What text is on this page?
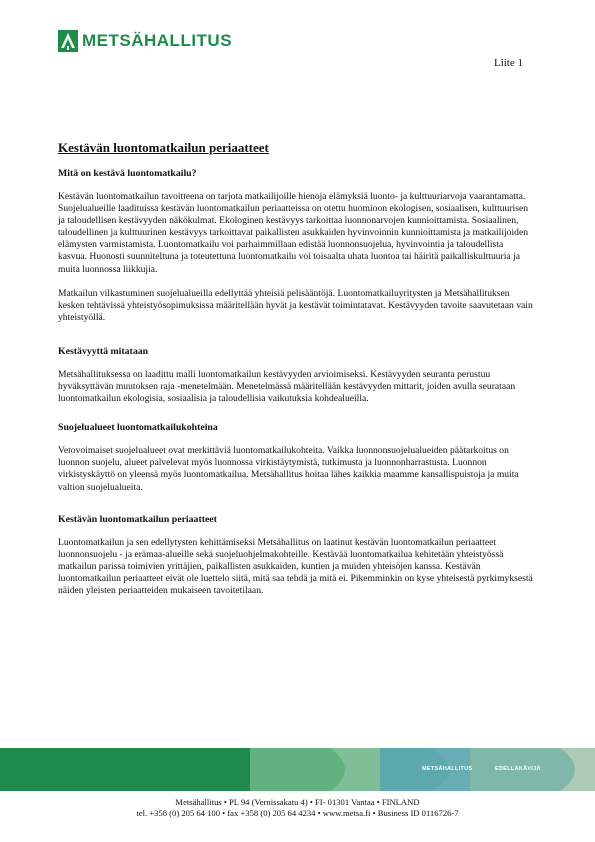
METSÄHALLITUS
Liite 1

Kestävän luontomatkailun periaatteet

Mitä on kestävä luontomatkailu?

Kestävän luontomatkailun tavoitteena on tarjota matkailijoille hienoja elämyksiä luonto- ja kulttuuriarvoja vaarantamatta. Suojelualueille laadituissa kestävän luontomatkailun periaatteissa on otettu huomioon ekologisen, sosiaalisen, kulttuurisen ja taloudellisen kestävyyden näkökulmat. Ekologinen kestävyys tarkoittaa luonnonarvojen kunnioittamista. Sosiaalinen, taloudellinen ja kulttuurinen kestävyys tarkoittavat paikallisten asukkaiden hyvinvoinnin kunnioittamista ja matkailijoiden elämysten varmistamista. Luontomatkailu voi parhaimmillaan edistää luonnonsuojelua, hyvinvointia ja taloudellista kasvua. Huonosti suunniteltuna ja toteutettuna luontomatkailu voi toisaalta uhata luontoa tai häiritä paikalliskulttuuria ja muita luonnossa liikkujia.

Matkailun vilkastuminen suojelualueilla edellyttää yhteisiä pelisääntöjä. Luontomatkailuyritysten ja Metsähallituksen kesken tehtävissä yhteistyösopimuksissa määritellään hyvät ja kestävät toimintatavat. Kestävyyden tavoite saavutetaan vain yhteistyöllä.

Kestävyyttä mitataan

Metsähallituksessa on laadittu malli luontomatkailun kestävyyden arvioimiseksi. Kestävyyden seuranta perustuu hyväksyttävän muutoksen raja -menetelmään. Menetelmässä määritellään kestävyyden mittarit, joiden avulla seurataan luontomatkailun ekologisia, sosiaalisia ja taloudellisia vaikutuksia kohdealueilla.

Suojelualueet luontomatkailukohteina

Vetovoimaiset suojelualueet ovat merkittäviä luontomatkailukohteita. Vaikka luonnonsuojelualueiden päätarkoitus on luonnon suojelu, alueet palvelevat myös luonnossa virkistäytymistä, tutkimusta ja luonnonharrastusta. Luonnon virkistyskäyttö on yleensä myös luontomatkailua. Metsähallitus hoitaa lähes kaikkia maamme kansallispuistoja ja muita valtion suojelualueita.

Kestävän luontomatkailun periaatteet

Luontomatkailun ja sen edellytysten kehittämiseksi Metsähallitus on laatinut kestävän luontomatkailun periaatteet luonnonsuojelu - ja erämaa-alueille sekä suojeluohjelmakohteille. Kestävää luontomatkailua kehitetään yhteistyössä matkailun parissa toimivien yrittäjien, paikallisten asukkaiden, kuntien ja muiden yhteisöjen kanssa. Kestävän luontomatkailun periaatteet eivät ole luettelo siitä, mitä saa tehdä ja mitä ei. Pikemminkin on kyse yhteisestä pyrkimyksestä näiden yleisten periaatteiden mukaiseen tavoitetilaan.

METSÄHALLITUS	EDELLÄKÄVIJÄ
Metsähallitus • PL 94 (Vernissakatu 4) • FI- 01301 Vantaa • FINLAND
tel. +358 (0) 205 64 100 • fax +358 (0) 205 64 4234 • www.metsa.fi • Business ID 0116726-7
